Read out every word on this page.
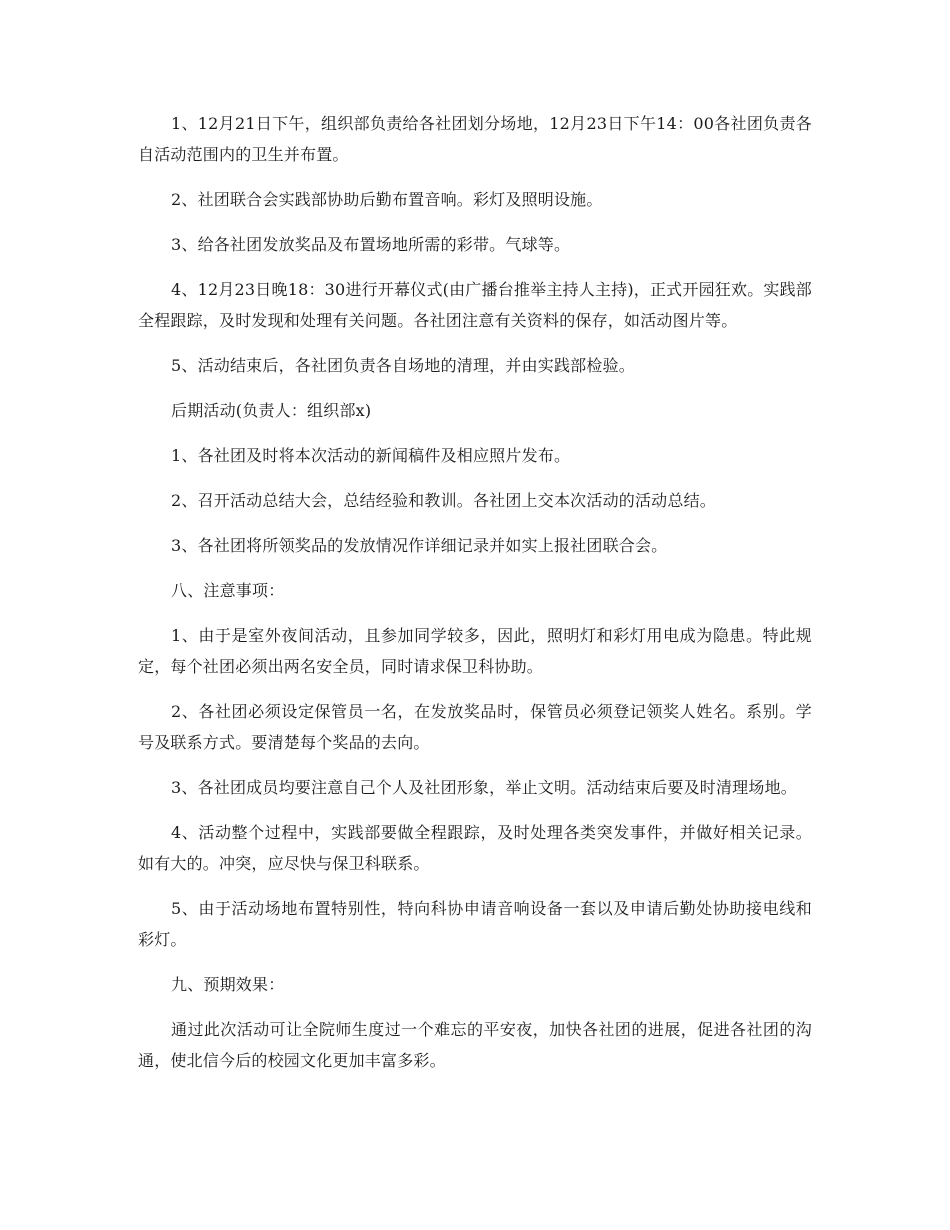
1、12月21日下午，组织部负责给各社团划分场地，12月23日下午14：00各社团负责各自活动范围内的卫生并布置。

2、社团联合会实践部协助后勤布置音响。彩灯及照明设施。

3、给各社团发放奖品及布置场地所需的彩带。气球等。

4、12月23日晚18：30进行开幕仪式(由广播台推举主持人主持)，正式开园狂欢。实践部全程跟踪，及时发现和处理有关问题。各社团注意有关资料的保存，如活动图片等。

5、活动结束后，各社团负责各自场地的清理，并由实践部检验。

后期活动(负责人：组织部x)

1、各社团及时将本次活动的新闻稿件及相应照片发布。

2、召开活动总结大会，总结经验和教训。各社团上交本次活动的活动总结。

3、各社团将所领奖品的发放情况作详细记录并如实上报社团联合会。

八、注意事项：

1、由于是室外夜间活动，且参加同学较多，因此，照明灯和彩灯用电成为隐患。特此规定，每个社团必须出两名安全员，同时请求保卫科协助。

2、各社团必须设定保管员一名，在发放奖品时，保管员必须登记领奖人姓名。系别。学号及联系方式。要清楚每个奖品的去向。

3、各社团成员均要注意自己个人及社团形象，举止文明。活动结束后要及时清理场地。

4、活动整个过程中，实践部要做全程跟踪，及时处理各类突发事件，并做好相关记录。如有大的。冲突，应尽快与保卫科联系。

5、由于活动场地布置特别性，特向科协申请音响设备一套以及申请后勤处协助接电线和彩灯。

九、预期效果：

通过此次活动可让全院师生度过一个难忘的平安夜，加快各社团的进展，促进各社团的沟通，使北信今后的校园文化更加丰富多彩。
